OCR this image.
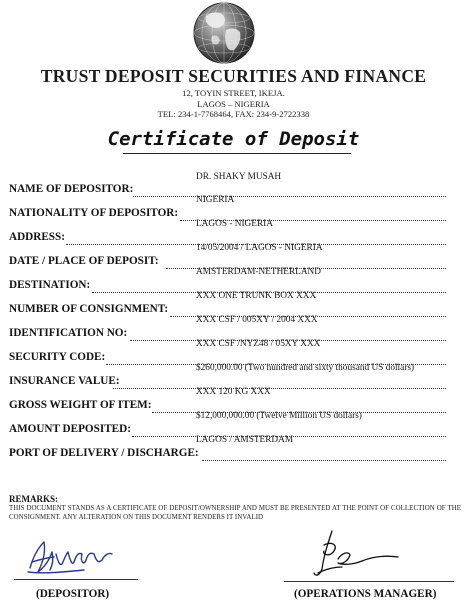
TRUST DEPOSIT SECURITIES AND FINANCE
12, TOYIN STREET, IKEJA.
LAGOS – NIGERIA
TEL: 234-1-7768464, FAX: 234-9-2722338
Certificate of Deposit
DR. SHAKY MUSAH
NAME OF DEPOSITOR:
NIGERIA
NATIONALITY OF DEPOSITOR:
LAGOS - NIGERIA
ADDRESS:
14/05/2004 / LAGOS - NIGERIA
DATE / PLACE OF DEPOSIT:
AMSTERDAM-NETHERLAND
DESTINATION:
XXX ONE TRUNK BOX XXX
NUMBER OF CONSIGNMENT:
XXX CSF / 005XY / 2004 XXX
IDENTIFICATION NO:
XXX CSF /NYZ48 / 05XY XXX
SECURITY CODE:
$260,000.00 (Two hundred and sixty thousand US dollars)
INSURANCE VALUE:
XXX 120 KG XXX
GROSS WEIGHT OF ITEM:
$12,000,000.00 (Twelve Million US dollars)
AMOUNT DEPOSITED:
LAGOS / AMSTERDAM
PORT OF DELIVERY / DISCHARGE:
REMARKS:
THIS DOCUMENT STANDS AS A CERTIFICATE OF DEPOSIT/OWNERSHIP AND MUST BE PRESENTED AT THE POINT OF COLLECTION OF THE CONSIGNMENT. ANY ALTERATION ON THIS DOCUMENT RENDERS IT INVALID
(DEPOSITOR)	(OPERATIONS MANAGER)
